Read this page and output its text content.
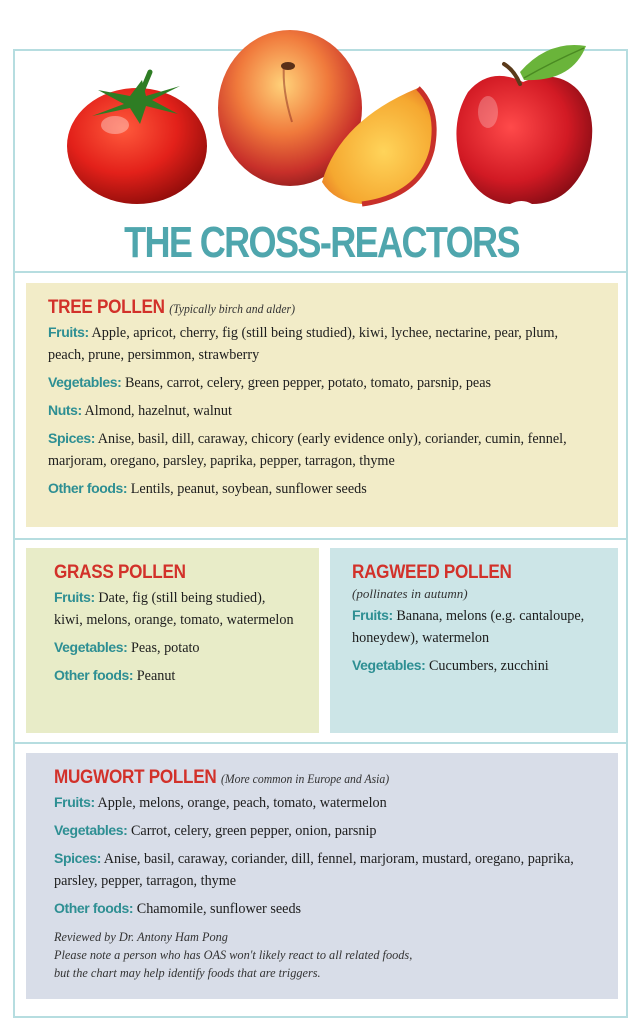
THE CROSS-REACTORS
TREE POLLEN (Typically birch and alder)

Fruits: Apple, apricot, cherry, fig (still being studied), kiwi, lychee, nectarine, pear, plum, peach, prune, persimmon, strawberry

Vegetables: Beans, carrot, celery, green pepper, potato, tomato, parsnip, peas

Nuts: Almond, hazelnut, walnut

Spices: Anise, basil, dill, caraway, chicory (early evidence only), coriander, cumin, fennel, marjoram, oregano, parsley, paprika, pepper, tarragon, thyme

Other foods: Lentils, peanut, soybean, sunflower seeds

GRASS POLLEN

Fruits: Date, fig (still being studied), kiwi, melons, orange, tomato, watermelon

Vegetables: Peas, potato

Other foods: Peanut

RAGWEED POLLEN
(pollinates in autumn)

Fruits: Banana, melons (e.g. cantaloupe, honeydew), watermelon

Vegetables: Cucumbers, zucchini

MUGWORT POLLEN (More common in Europe and Asia)

Fruits: Apple, melons, orange, peach, tomato, watermelon

Vegetables: Carrot, celery, green pepper, onion, parsnip

Spices: Anise, basil, caraway, coriander, dill, fennel, marjoram, mustard, oregano, paprika, parsley, pepper, tarragon, thyme

Other foods: Chamomile, sunflower seeds

Reviewed by Dr. Antony Ham Pong
Please note a person who has OAS won't likely react to all related foods,
but the chart may help identify foods that are triggers.
